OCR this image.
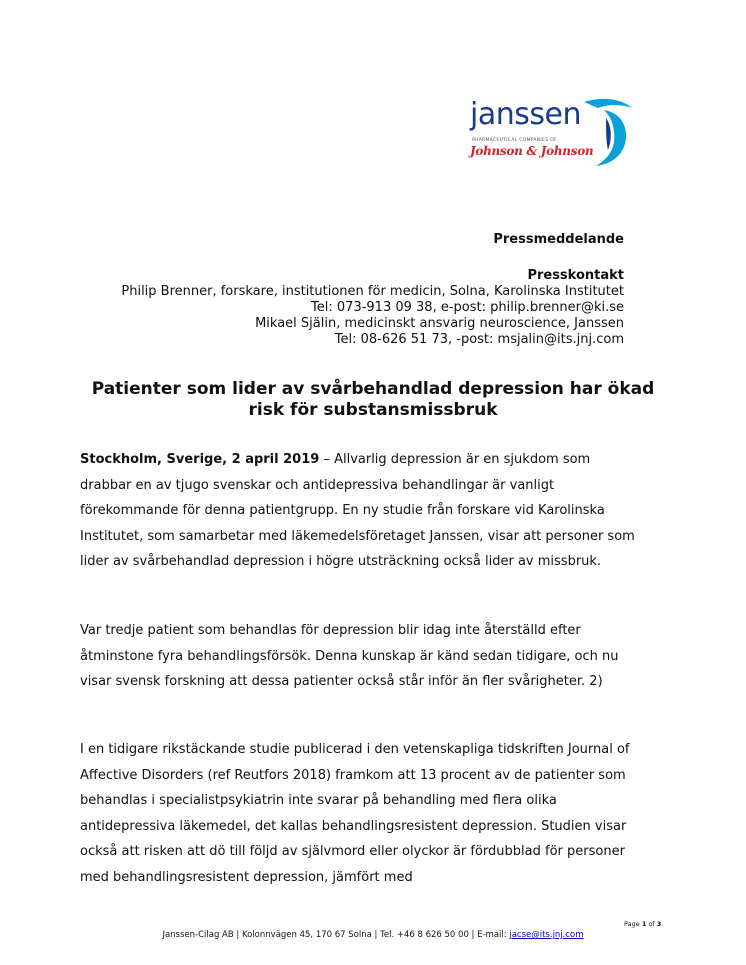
janssen
PHARMACEUTICAL COMPANIES OF
Johnson & Johnson
Pressmeddelande
Presskontakt
Philip Brenner, forskare, institutionen för medicin, Solna, Karolinska Institutet
Tel: 073-913 09 38, e-post: philip.brenner@ki.se
Mikael Själin, medicinskt ansvarig neuroscience, Janssen
Tel: 08-626 51 73, -post: msjalin@its.jnj.com
Patienter som lider av svårbehandlad depression har ökad risk för substansmissbruk
Stockholm, Sverige, 2 april 2019 – Allvarlig depression är en sjukdom som drabbar en av tjugo svenskar och antidepressiva behandlingar är vanligt förekommande för denna patientgrupp. En ny studie från forskare vid Karolinska Institutet, som samarbetar med läkemedelsföretaget Janssen, visar att personer som lider av svårbehandlad depression i högre utsträckning också lider av missbruk.
Var tredje patient som behandlas för depression blir idag inte återställd efter åtminstone fyra behandlingsförsök. Denna kunskap är känd sedan tidigare, och nu visar svensk forskning att dessa patienter också står inför än fler svårigheter. 2)
I en tidigare rikstäckande studie publicerad i den vetenskapliga tidskriften Journal of Affective Disorders (ref Reutfors 2018) framkom att 13 procent av de patienter som behandlas i specialistpsykiatrin inte svarar på behandling med flera olika antidepressiva läkemedel, det kallas behandlingsresistent depression. Studien visar också att risken att dö till följd av självmord eller olyckor är fördubblad för personer med behandlingsresistent depression, jämfört med
Page 1 of 3
Janssen-Cilag AB | Kolonnvägen 45, 170 67 Solna | Tel. +46 8 626 50 00 | E-mail: jacse@its.jnj.com
